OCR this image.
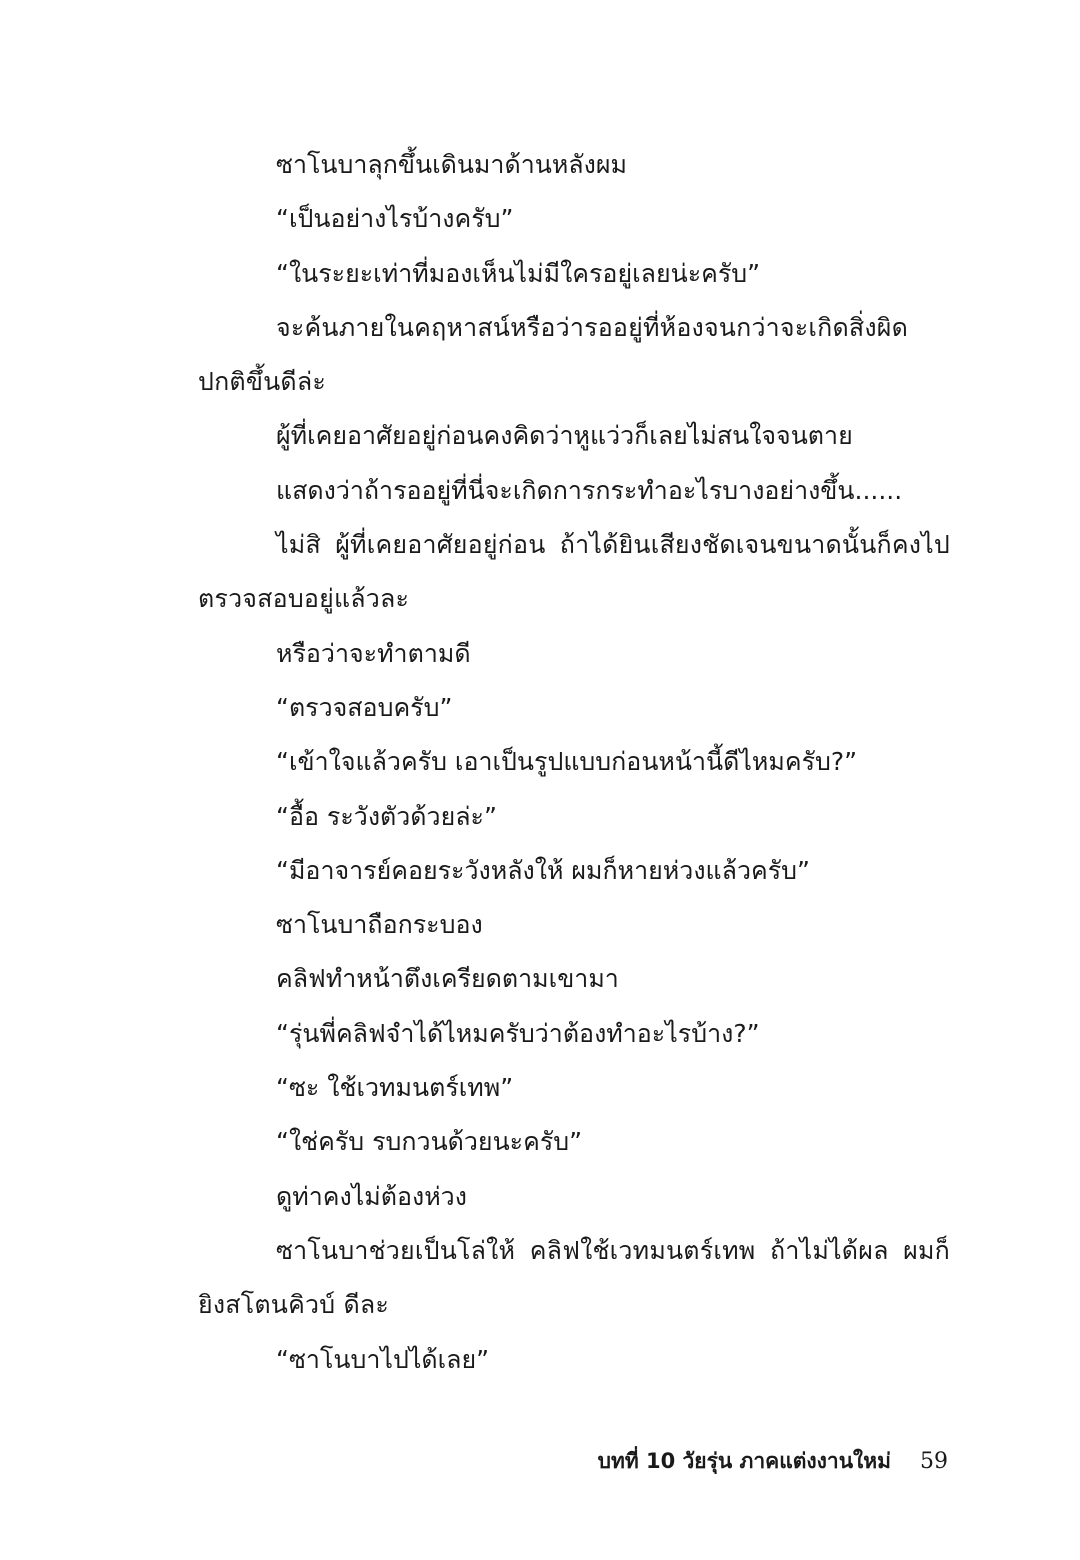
ซาโนบาลุกขึ้นเดินมาด้านหลังผม

“เป็นอย่างไรบ้างครับ”

“ในระยะเท่าที่มองเห็นไม่มีใครอยู่เลยน่ะครับ”

จะค้นภายในคฤหาสน์หรือว่ารออยู่ที่ห้องจนกว่าจะเกิดสิ่งผิดปกติขึ้นดีล่ะ

ผู้ที่เคยอาศัยอยู่ก่อนคงคิดว่าหูแว่วก็เลยไม่สนใจจนตาย

แสดงว่าถ้ารออยู่ที่นี่จะเกิดการกระทำอะไรบางอย่างขึ้น......

ไม่สิ ผู้ที่เคยอาศัยอยู่ก่อน ถ้าได้ยินเสียงชัดเจนขนาดนั้นก็คงไปตรวจสอบอยู่แล้วละ

หรือว่าจะทำตามดี

“ตรวจสอบครับ”

“เข้าใจแล้วครับ เอาเป็นรูปแบบก่อนหน้านี้ดีไหมครับ?”

“อื้อ ระวังตัวด้วยล่ะ”

“มีอาจารย์คอยระวังหลังให้ ผมก็หายห่วงแล้วครับ”

ซาโนบาถือกระบอง

คลิฟทำหน้าตึงเครียดตามเขามา

“รุ่นพี่คลิฟจำได้ไหมครับว่าต้องทำอะไรบ้าง?”

“ซะ ใช้เวทมนตร์เทพ”

“ใช่ครับ รบกวนด้วยนะครับ”

ดูท่าคงไม่ต้องห่วง

ซาโนบาช่วยเป็นโล่ให้ คลิฟใช้เวทมนตร์เทพ ถ้าไม่ได้ผล ผมก็ยิงสโตนคิวบ์ ดีละ

“ซาโนบาไปได้เลย”

บทที่ 10 วัยรุ่น ภาคแต่งงานใหม่ 59
